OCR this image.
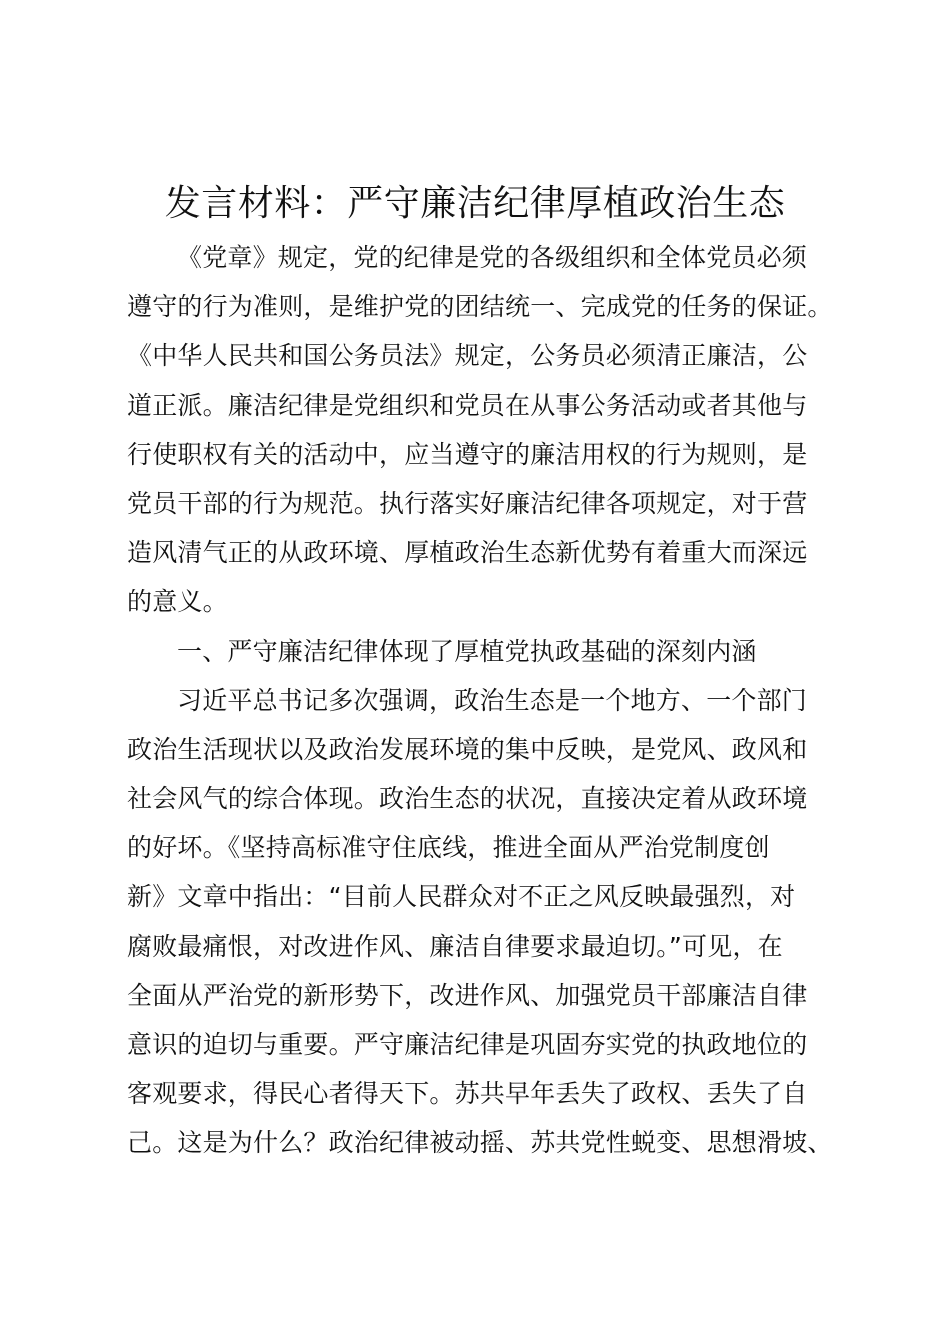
发言材料：严守廉洁纪律厚植政治生态
《党章》规定，党的纪律是党的各级组织和全体党员必须
遵守的行为准则，是维护党的团结统一、完成党的任务的保证。
《中华人民共和国公务员法》规定，公务员必须清正廉洁，公
道正派。廉洁纪律是党组织和党员在从事公务活动或者其他与
行使职权有关的活动中，应当遵守的廉洁用权的行为规则，是
党员干部的行为规范。执行落实好廉洁纪律各项规定，对于营
造风清气正的从政环境、厚植政治生态新优势有着重大而深远
的意义。
一、严守廉洁纪律体现了厚植党执政基础的深刻内涵
习近平总书记多次强调，政治生态是一个地方、一个部门
政治生活现状以及政治发展环境的集中反映，是党风、政风和
社会风气的综合体现。政治生态的状况，直接决定着从政环境
的好坏。《坚持高标准守住底线，推进全面从严治党制度创
新》文章中指出：“目前人民群众对不正之风反映最强烈，对
腐败最痛恨，对改进作风、廉洁自律要求最迫切。”可见，在
全面从严治党的新形势下，改进作风、加强党员干部廉洁自律
意识的迫切与重要。严守廉洁纪律是巩固夯实党的执政地位的
客观要求，得民心者得天下。苏共早年丢失了政权、丢失了自
己。这是为什么？政治纪律被动摇、苏共党性蜕变、思想滑坡、
